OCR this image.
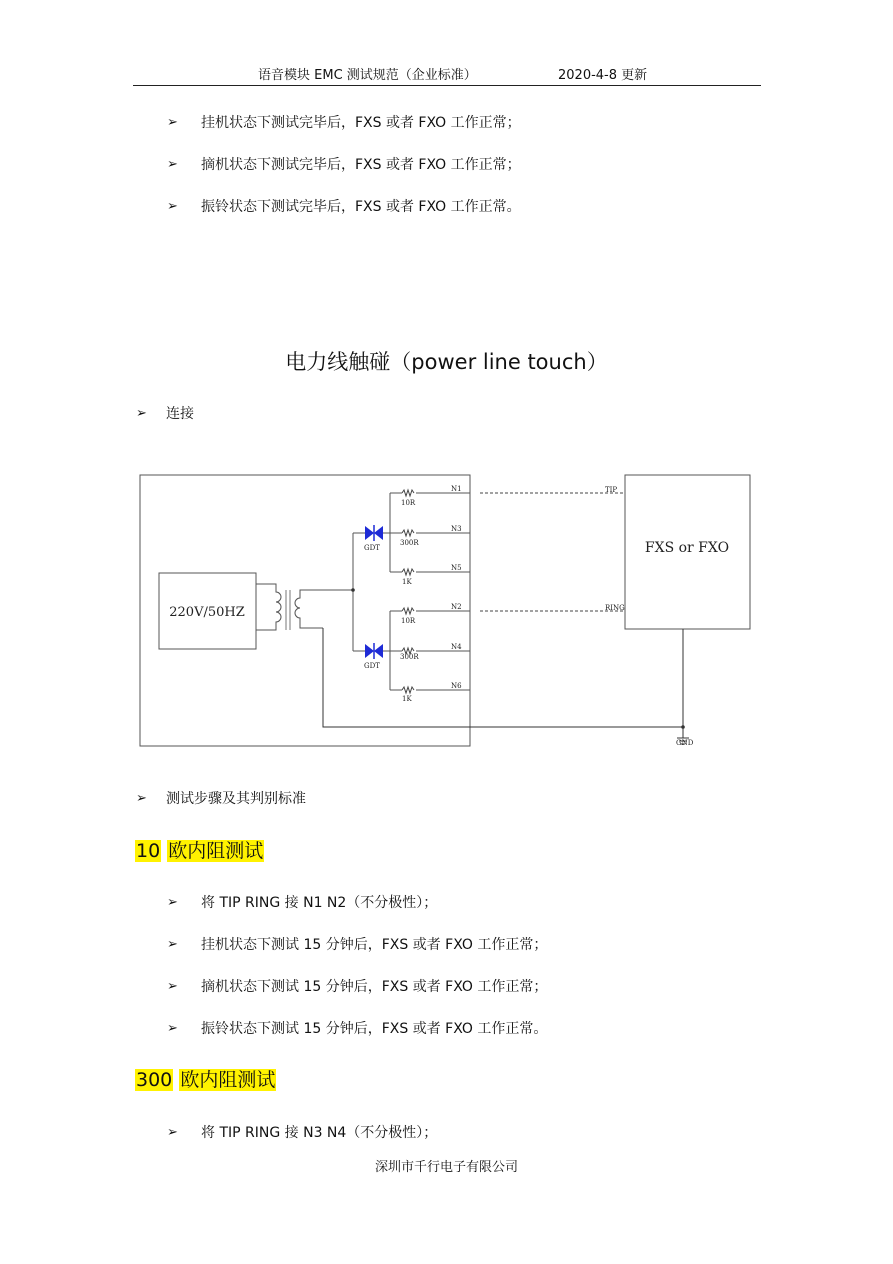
语音模块 EMC 测试规范（企业标准）	2020-4-8 更新
➢ 挂机状态下测试完毕后，FXS 或者 FXO 工作正常；
➢ 摘机状态下测试完毕后，FXS 或者 FXO 工作正常；
➢ 振铃状态下测试完毕后，FXS 或者 FXO 工作正常。
电力线触碰（power line touch）
➢ 连接
220V/50HZ
FXS or FXO
GDT
GDT
TIP
RING
GND
N1
N3
N5
N2
N4
N6
10R
300R
1K
10R
300R
1K
➢ 测试步骤及其判别标准
10 欧内阻测试
➢ 将 TIP RING 接 N1 N2（不分极性）；
➢ 挂机状态下测试 15 分钟后，FXS 或者 FXO 工作正常；
➢ 摘机状态下测试 15 分钟后，FXS 或者 FXO 工作正常；
➢ 振铃状态下测试 15 分钟后，FXS 或者 FXO 工作正常。
300 欧内阻测试
➢ 将 TIP RING 接 N3 N4（不分极性）；
深圳市千行电子有限公司
